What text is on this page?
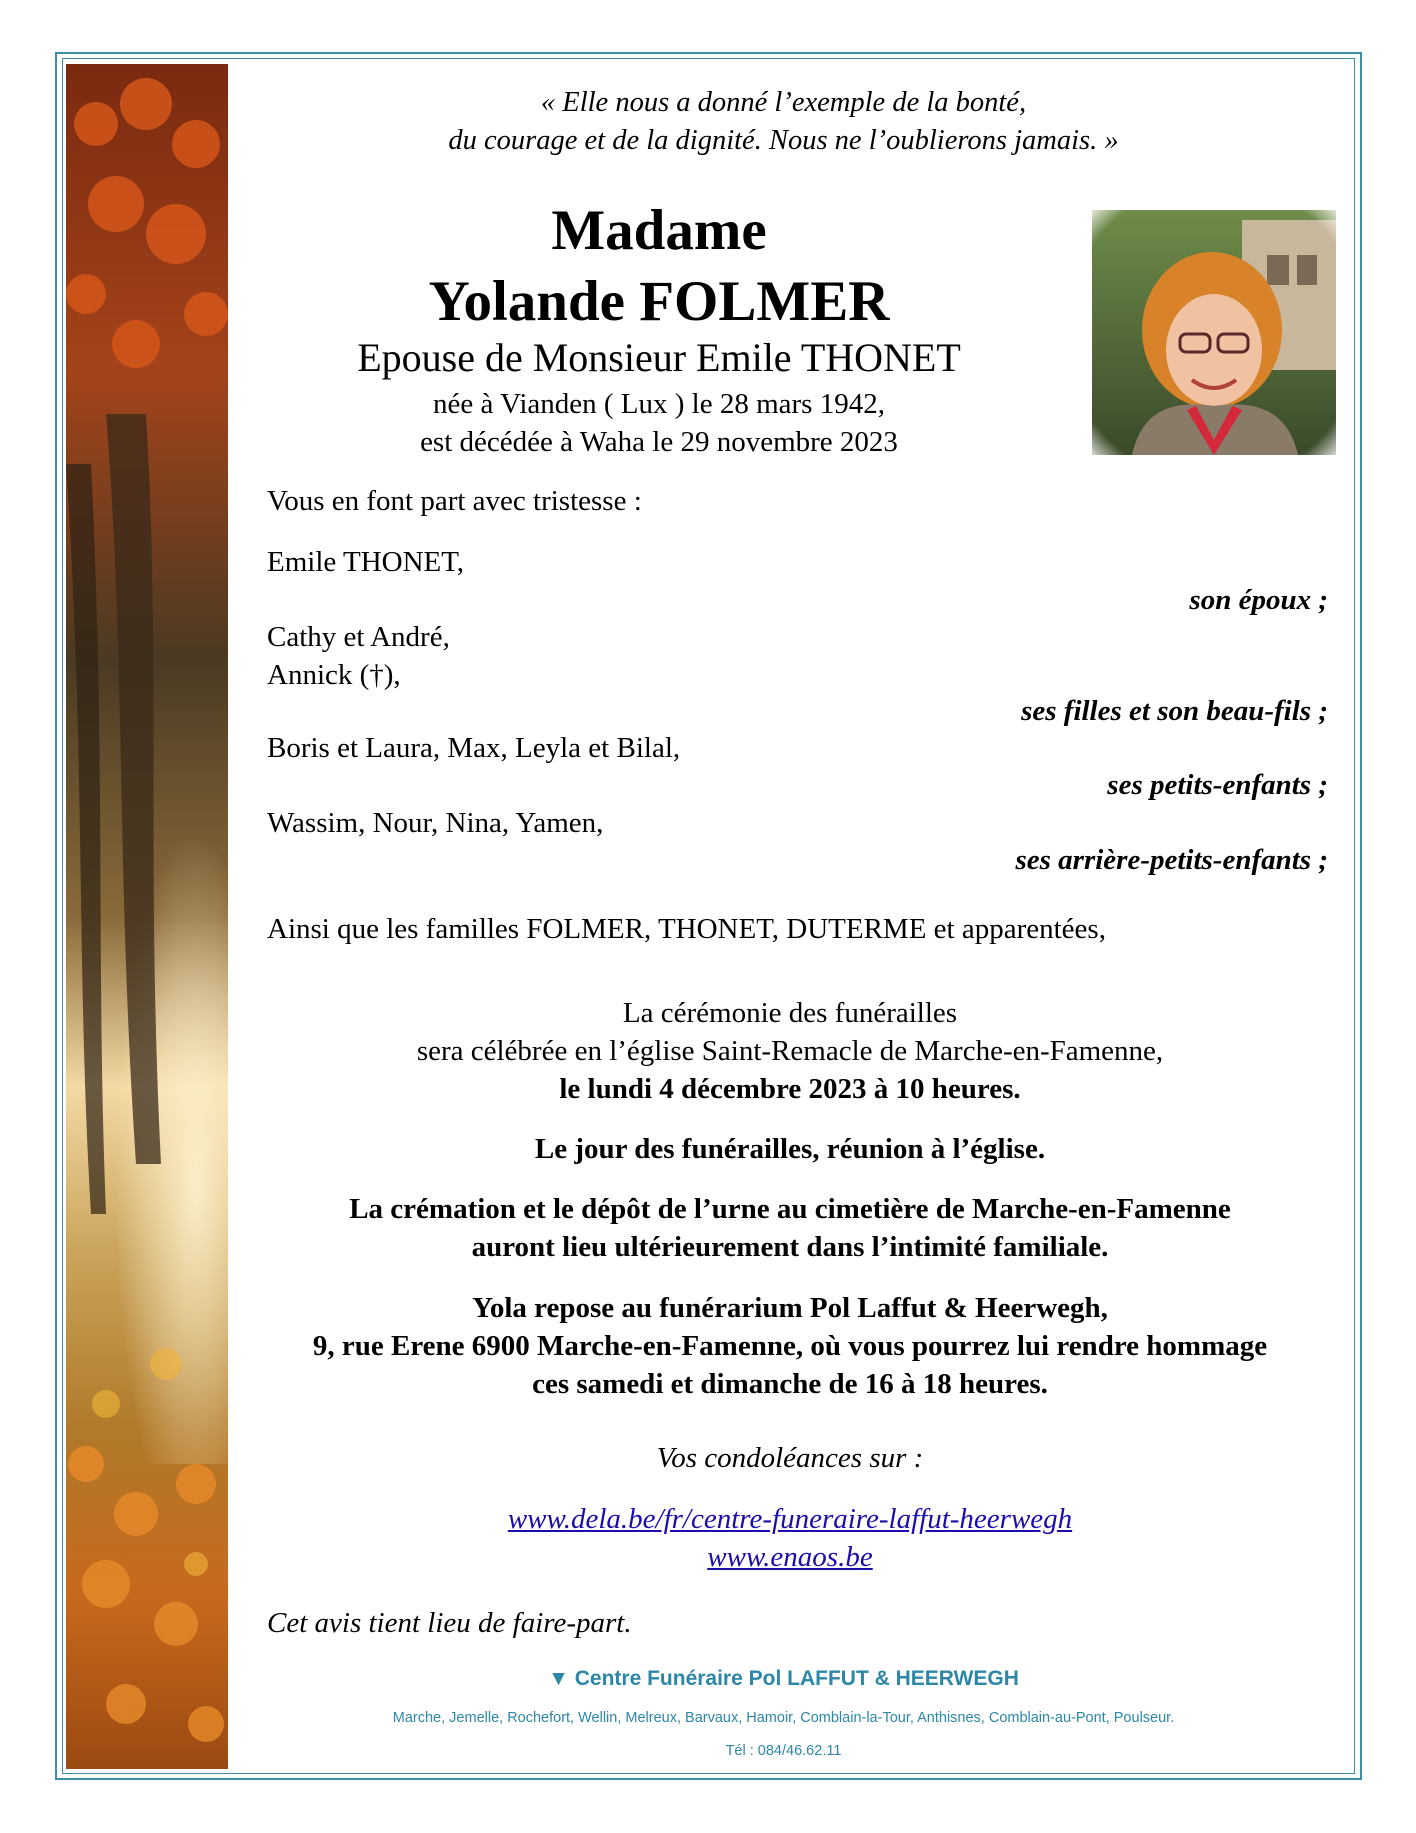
« Elle nous a donné l’exemple de la bonté,
du courage et de la dignité. Nous ne l’oublierons jamais. »
Madame
Yolande FOLMER
Epouse de Monsieur Emile THONET
née à Vianden ( Lux ) le 28 mars 1942,
est décédée à Waha le 29 novembre 2023
Vous en font part avec tristesse :
Emile THONET,
son époux ;
Cathy et André,
Annick (†),
ses filles et son beau-fils ;
Boris et Laura, Max, Leyla et Bilal,
ses petits-enfants ;
Wassim, Nour, Nina, Yamen,
ses arrière-petits-enfants ;
Ainsi que les familles FOLMER, THONET, DUTERME et apparentées,
La cérémonie des funérailles
sera célébrée en l’église Saint-Remacle de Marche-en-Famenne,
le lundi 4 décembre 2023 à 10 heures.
Le jour des funérailles, réunion à l’église.
La crémation et le dépôt de l’urne au cimetière de Marche-en-Famenne
auront lieu ultérieurement dans l’intimité familiale.
Yola repose au funérarium Pol Laffut & Heerwegh,
9, rue Erene 6900 Marche-en-Famenne, où vous pourrez lui rendre hommage
ces samedi et dimanche de 16 à 18 heures.
Vos condoléances sur :
www.dela.be/fr/centre-funeraire-laffut-heerwegh
www.enaos.be
Cet avis tient lieu de faire-part.
▼ Centre Funéraire Pol LAFFUT & HEERWEGH
Marche, Jemelle, Rochefort, Wellin, Melreux, Barvaux, Hamoir, Comblain-la-Tour, Anthisnes, Comblain-au-Pont, Poulseur.
Tél : 084/46.62.11
